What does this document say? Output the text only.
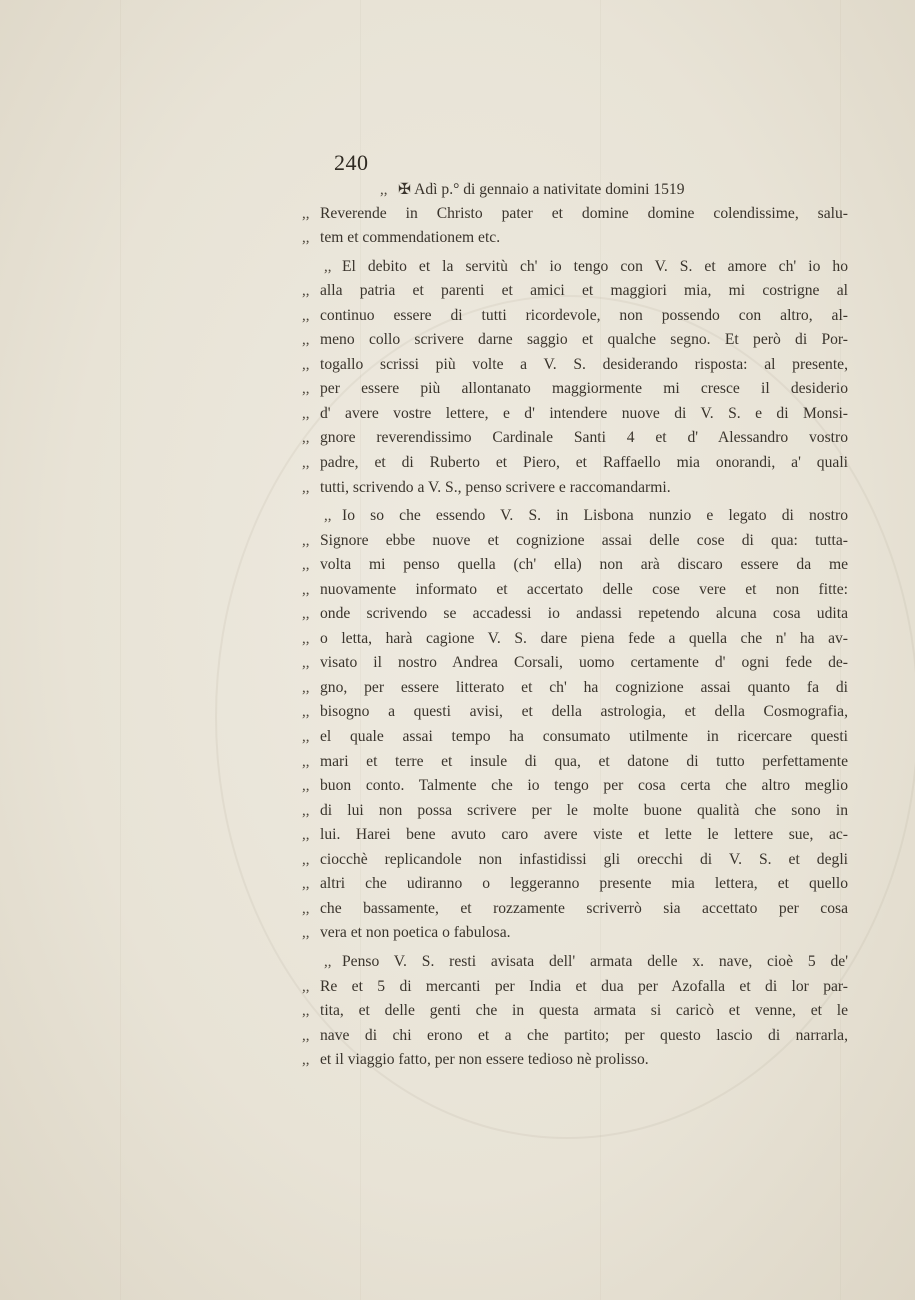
240
,, ✠ Adì p.° di gennaio a nativitate domini 1519
,, Reverende in Christo pater et domine domine colendissime, salu-
,, tem et commendationem etc.
,, El debito et la servitù ch' io tengo con V. S. et amore ch' io ho
,, alla patria et parenti et amici et maggiori mia, mi costrigne al
,, continuo essere di tutti ricordevole, non possendo con altro, al-
,, meno collo scrivere darne saggio et qualche segno. Et però di Por-
,, togallo scrissi più volte a V. S. desiderando risposta: al presente,
,, per essere più allontanato maggiormente mi cresce il desiderio
,, d' avere vostre lettere, e d' intendere nuove di V. S. e di Monsi-
,, gnore reverendissimo Cardinale Santi 4 et d' Alessandro vostro
,, padre, et di Ruberto et Piero, et Raffaello mia onorandi, a' quali
,, tutti, scrivendo a V. S., penso scrivere e raccomandarmi.
,, Io so che essendo V. S. in Lisbona nunzio e legato di nostro
,, Signore ebbe nuove et cognizione assai delle cose di qua: tutta-
,, volta mi penso quella (ch' ella) non arà discaro essere da me
,, nuovamente informato et accertato delle cose vere et non fitte:
,, onde scrivendo se accadessi io andassi repetendo alcuna cosa udita
,, o letta, harà cagione V. S. dare piena fede a quella che n' ha av-
,, visato il nostro Andrea Corsali, uomo certamente d' ogni fede de-
,, gno, per essere litterato et ch' ha cognizione assai quanto fa di
,, bisogno a questi avisi, et della astrologia, et della Cosmografia,
,, el quale assai tempo ha consumato utilmente in ricercare questi
,, mari et terre et insule di qua, et datone di tutto perfettamente
,, buon conto. Talmente che io tengo per cosa certa che altro meglio
,, di lui non possa scrivere per le molte buone qualità che sono in
,, lui. Harei bene avuto caro avere viste et lette le lettere sue, ac-
,, ciocchè replicandole non infastidissi gli orecchi di V. S. et degli
,, altri che udiranno o leggeranno presente mia lettera, et quello
,, che bassamente, et rozzamente scriverrò sia accettato per cosa
,, vera et non poetica o fabulosa.
,, Penso V. S. resti avisata dell' armata delle x. nave, cioè 5 de'
,, Re et 5 di mercanti per India et dua per Azofalla et di lor par-
,, tita, et delle genti che in questa armata si caricò et venne, et le
,, nave di chi erono et a che partito; per questo lascio di narrarla,
,, et il viaggio fatto, per non essere tedioso nè prolisso.
